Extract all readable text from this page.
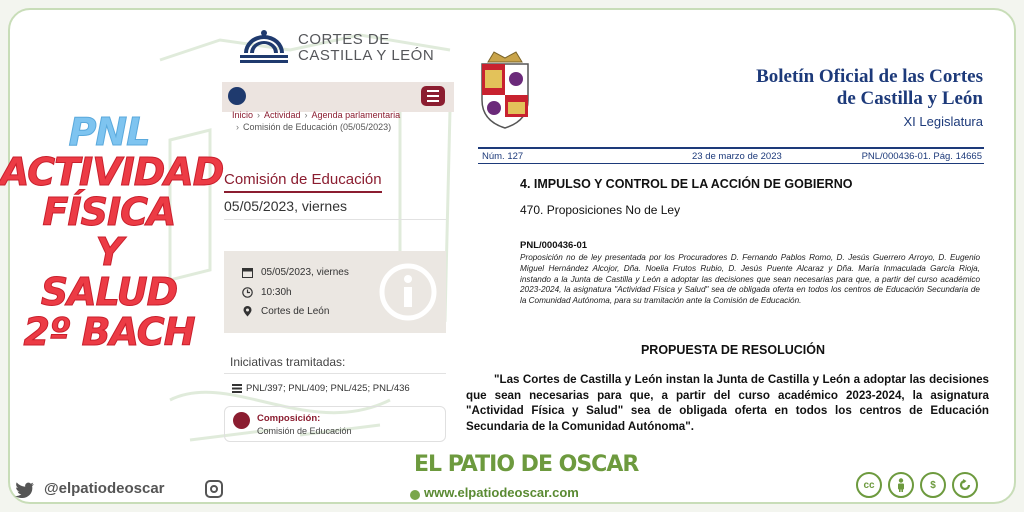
PNL
ACTIVIDAD
FÍSICA
Y
SALUD
2º BACH
CORTES DE
CASTILLA Y LEÓN
Inicio › Actividad › Agenda parlamentaria
› Comisión de Educación (05/05/2023)
Comisión de Educación
05/05/2023, viernes
05/05/2023, viernes
10:30h
Cortes de León
Iniciativas tramitadas:
PNL/397; PNL/409; PNL/425; PNL/436
Composición:
Comisión de Educación
Boletín Oficial de las Cortes
de Castilla y León
XI Legislatura
Núm. 127	23 de marzo de 2023	PNL/000436-01. Pág. 14665
4. IMPULSO Y CONTROL DE LA ACCIÓN DE GOBIERNO
470. Proposiciones No de Ley
PNL/000436-01
Proposición no de ley presentada por los Procuradores D. Fernando Pablos Romo, D. Jesús Guerrero Arroyo, D. Eugenio Miguel Hernández Alcojor, Dña. Noelia Frutos Rubio, D. Jesús Puente Alcaraz y Dña. María Inmaculada García Rioja, instando a la Junta de Castilla y León a adoptar las decisiones que sean necesarias para que, a partir del curso académico 2023-2024, la asignatura "Actividad Física y Salud" sea de obligada oferta en todos los centros de Educación Secundaria de la Comunidad Autónoma, para su tramitación ante la Comisión de Educación.
PROPUESTA DE RESOLUCIÓN
"Las Cortes de Castilla y León instan la Junta de Castilla y León a adoptar las decisiones que sean necesarias para que, a partir del curso académico 2023-2024, la asignatura "Actividad Física y Salud" sea de obligada oferta en todos los centros de Educación Secundaria de la Comunidad Autónoma".
@elpatiodeoscar
EL PATIO DE OSCAR
www.elpatiodeoscar.com	cc	$
